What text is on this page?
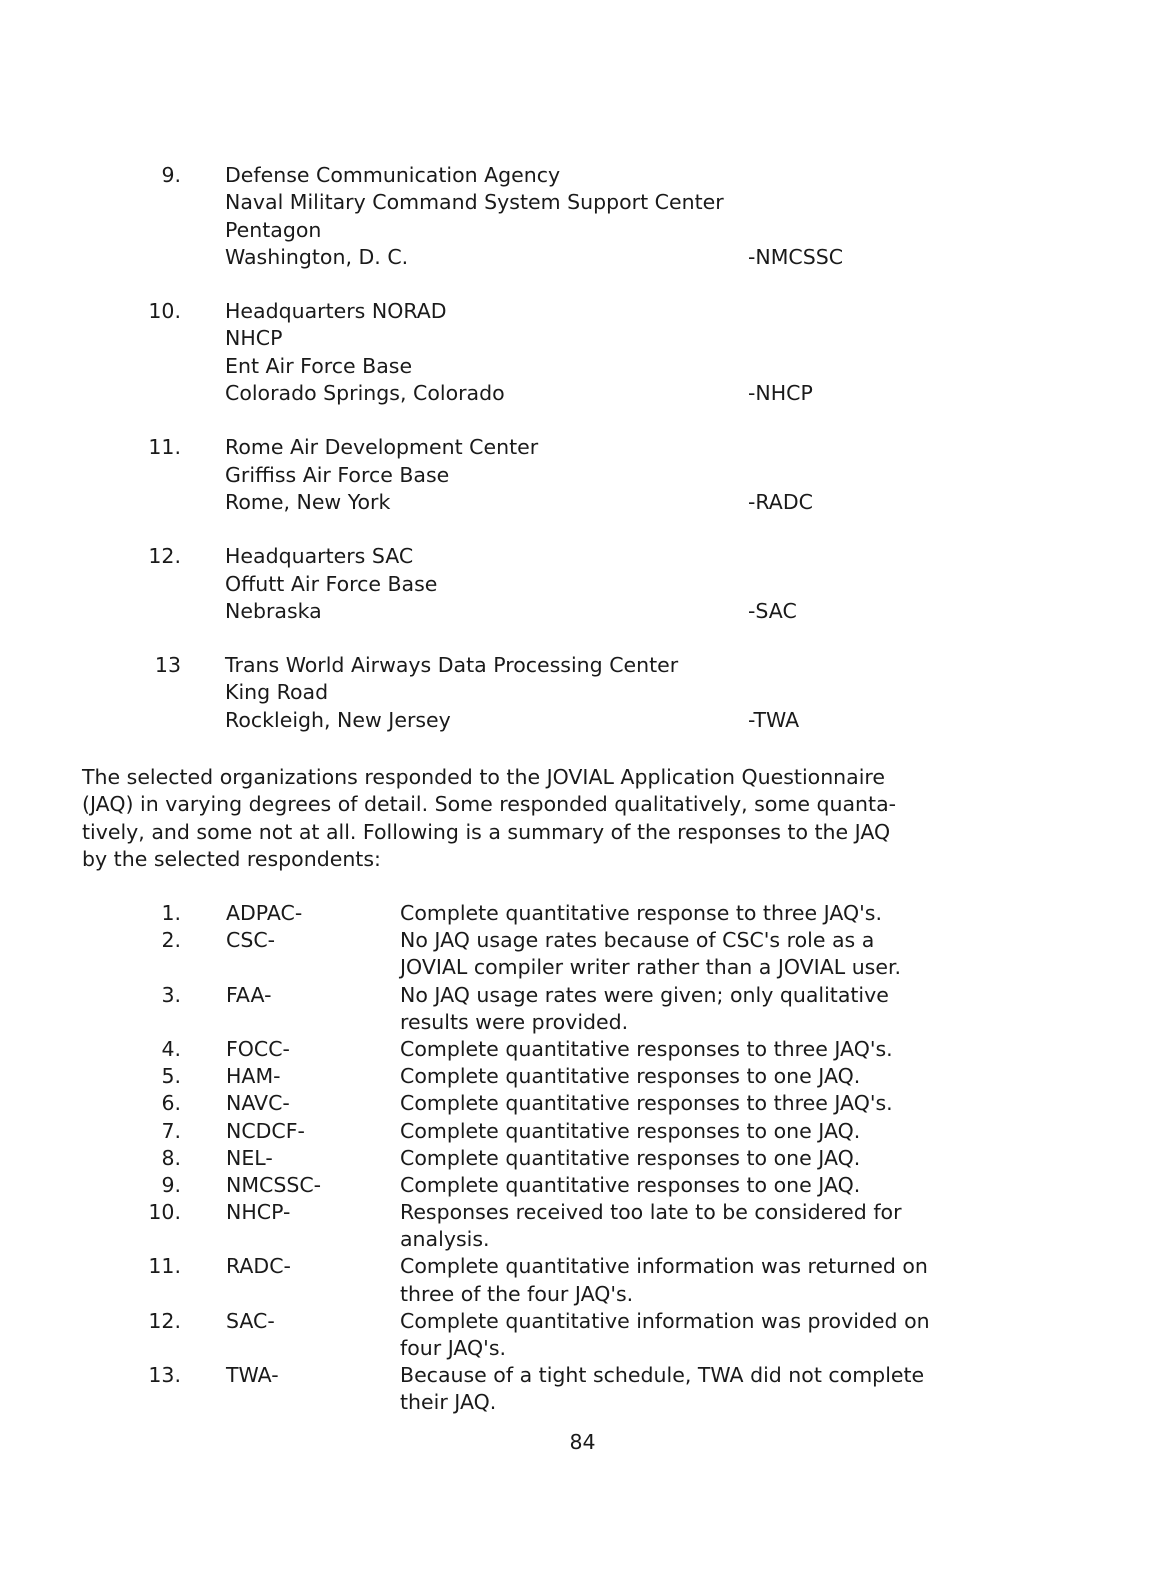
9. Defense Communication Agency
Naval Military Command System Support Center
Pentagon
Washington, D. C.	-NMCSSC
10. Headquarters NORAD
NHCP
Ent Air Force Base
Colorado Springs, Colorado	-NHCP
11. Rome Air Development Center
Griffiss Air Force Base
Rome, New York	-RADC
12. Headquarters SAC
Offutt Air Force Base
Nebraska	-SAC
13 Trans World Airways Data Processing Center
King Road
Rockleigh, New Jersey	-TWA
The selected organizations responded to the JOVIAL Application Questionnaire
(JAQ) in varying degrees of detail. Some responded qualitatively, some quanta-
tively, and some not at all. Following is a summary of the responses to the JAQ
by the selected respondents:
1. ADPAC-	Complete quantitative response to three JAQ's.
2. CSC-	No JAQ usage rates because of CSC's role as a
JOVIAL compiler writer rather than a JOVIAL user.
3. FAA-	No JAQ usage rates were given; only qualitative
results were provided.
4. FOCC-	Complete quantitative responses to three JAQ's.
5. HAM-	Complete quantitative responses to one JAQ.
6. NAVC-	Complete quantitative responses to three JAQ's.
7. NCDCF-	Complete quantitative responses to one JAQ.
8. NEL-	Complete quantitative responses to one JAQ.
9. NMCSSC-	Complete quantitative responses to one JAQ.
10. NHCP-	Responses received too late to be considered for
analysis.
11. RADC-	Complete quantitative information was returned on
three of the four JAQ's.
12. SAC-	Complete quantitative information was provided on
four JAQ's.
13. TWA-	Because of a tight schedule, TWA did not complete
their JAQ.
84
